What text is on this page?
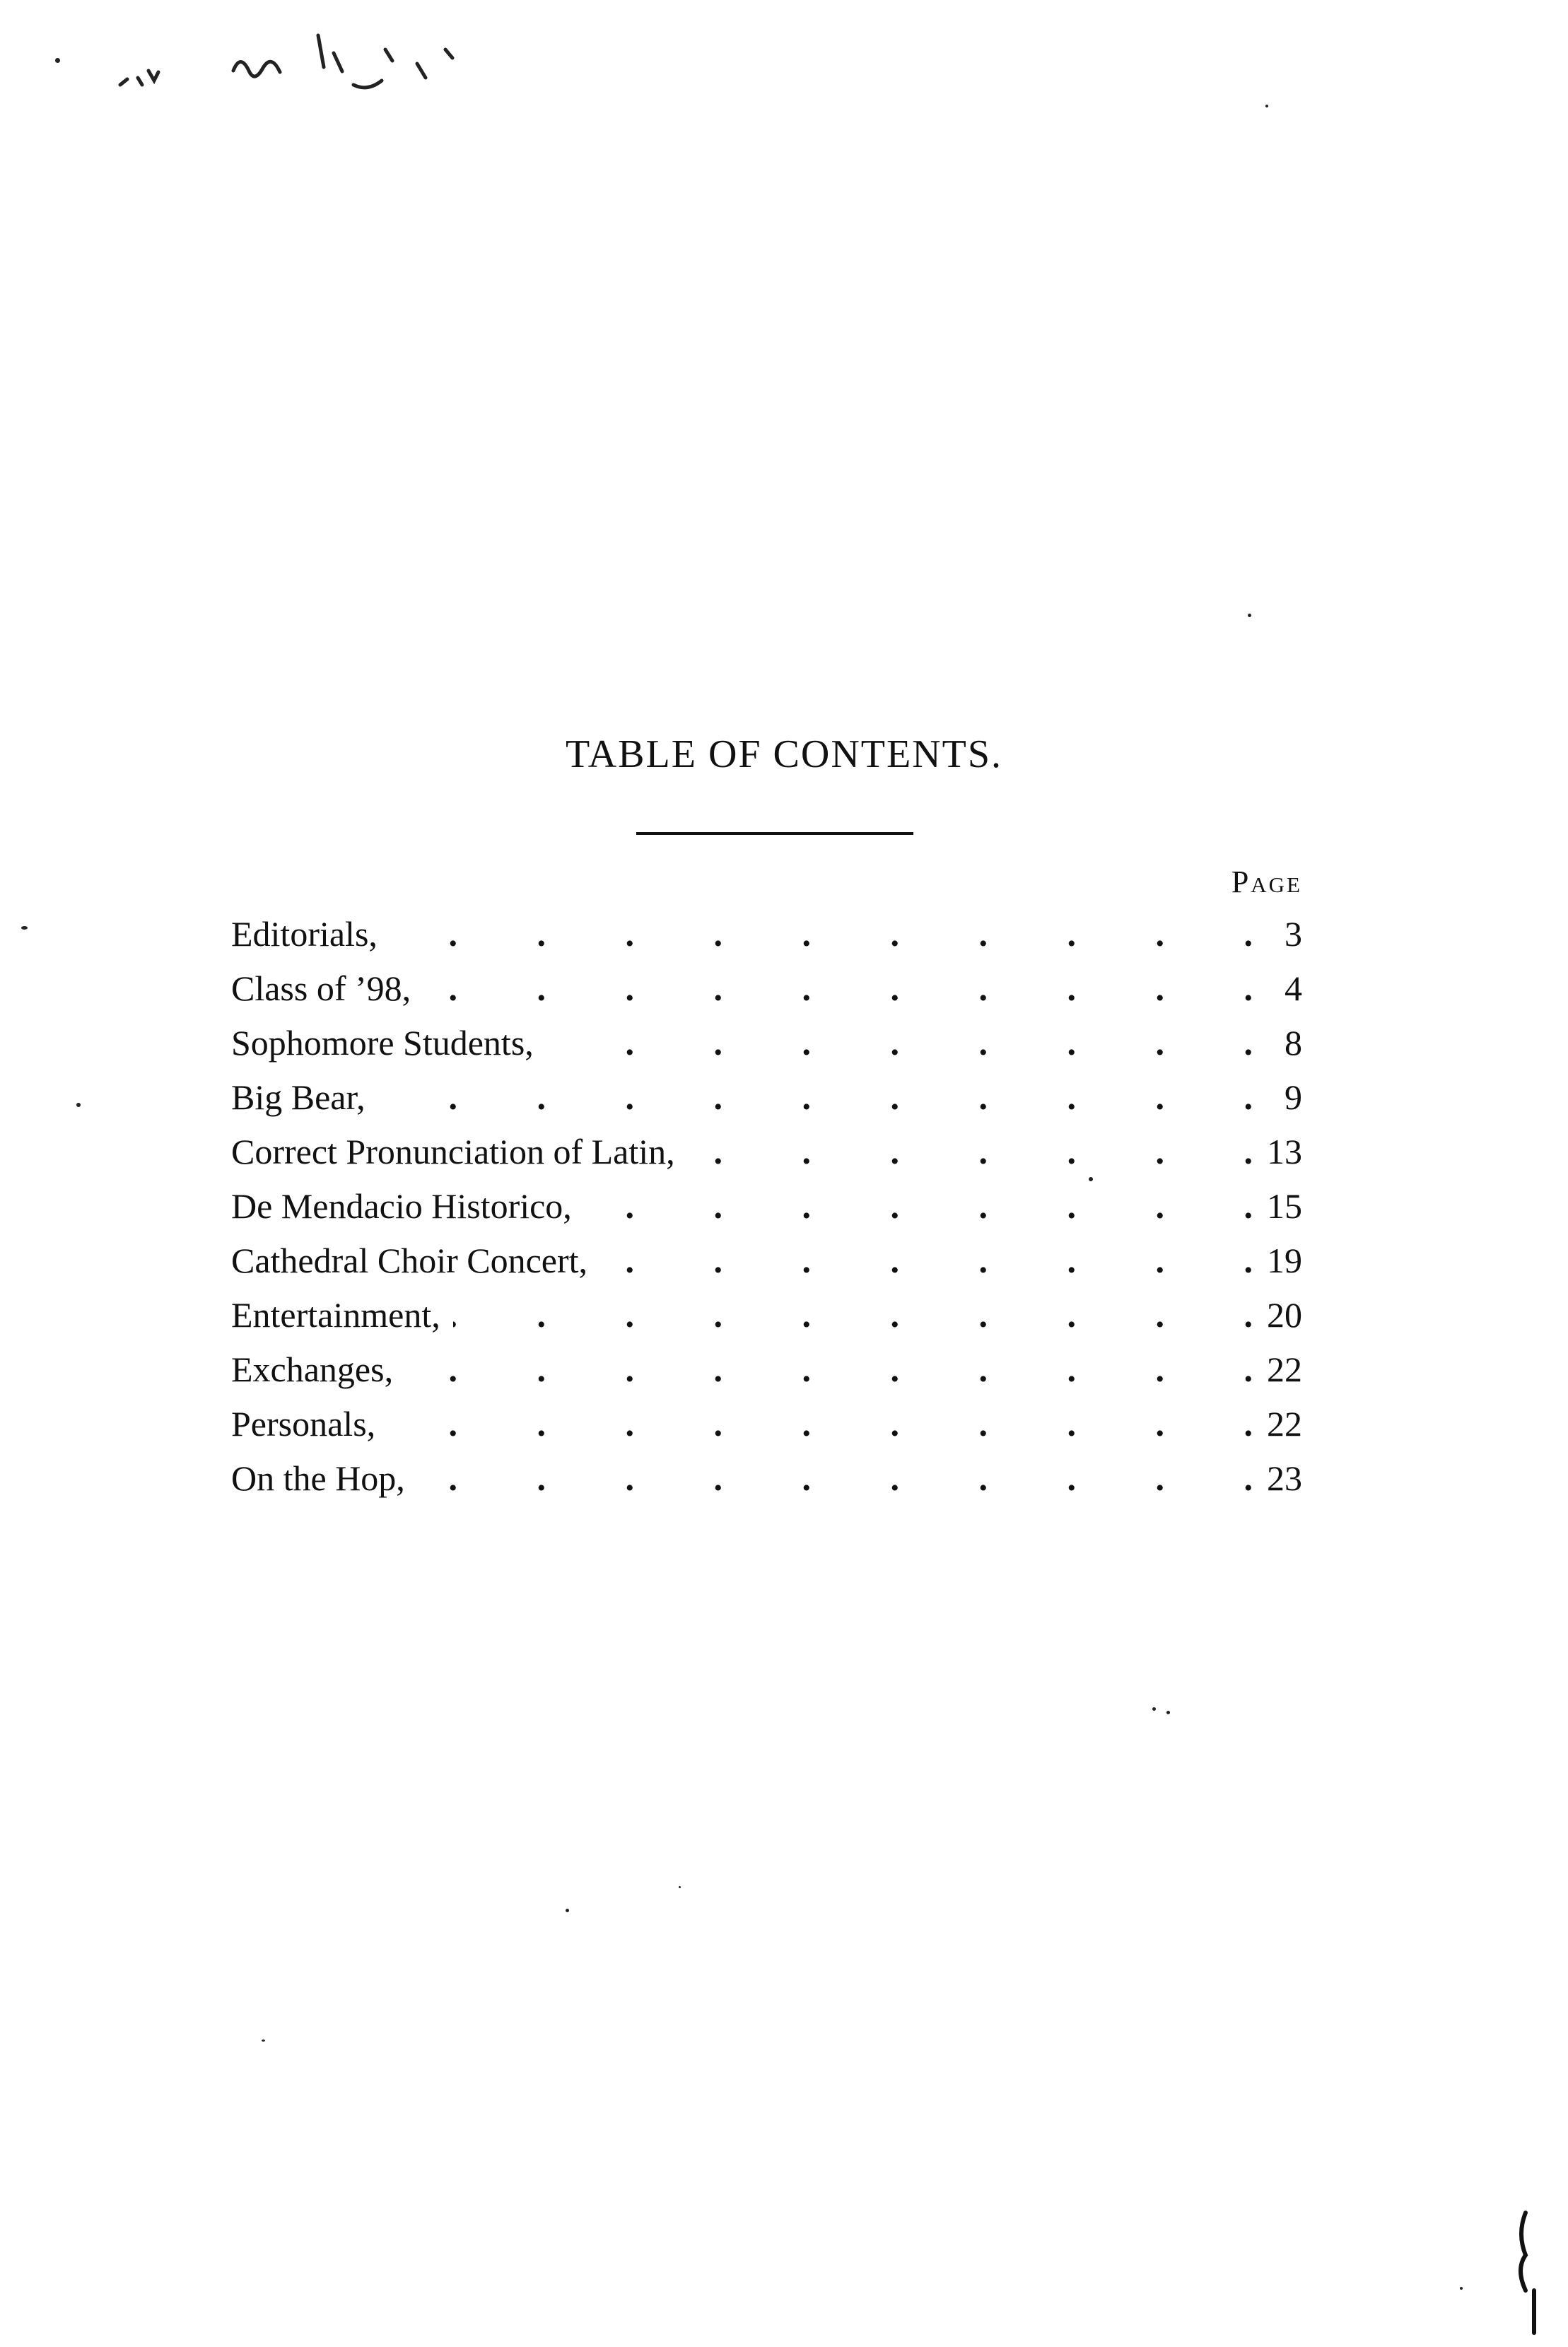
TABLE OF CONTENTS.
Page
Editorials, .	3
Class of ’98, .	4
Sophomore Students, .	8
Big Bear, .	9
Correct Pronunciation of Latin, .	13
De Mendacio Historico, .	15
Cathedral Choir Concert, .	19
Entertainment, .	20
Exchanges, .	22
Personals, .	22
On the Hop, .	23
